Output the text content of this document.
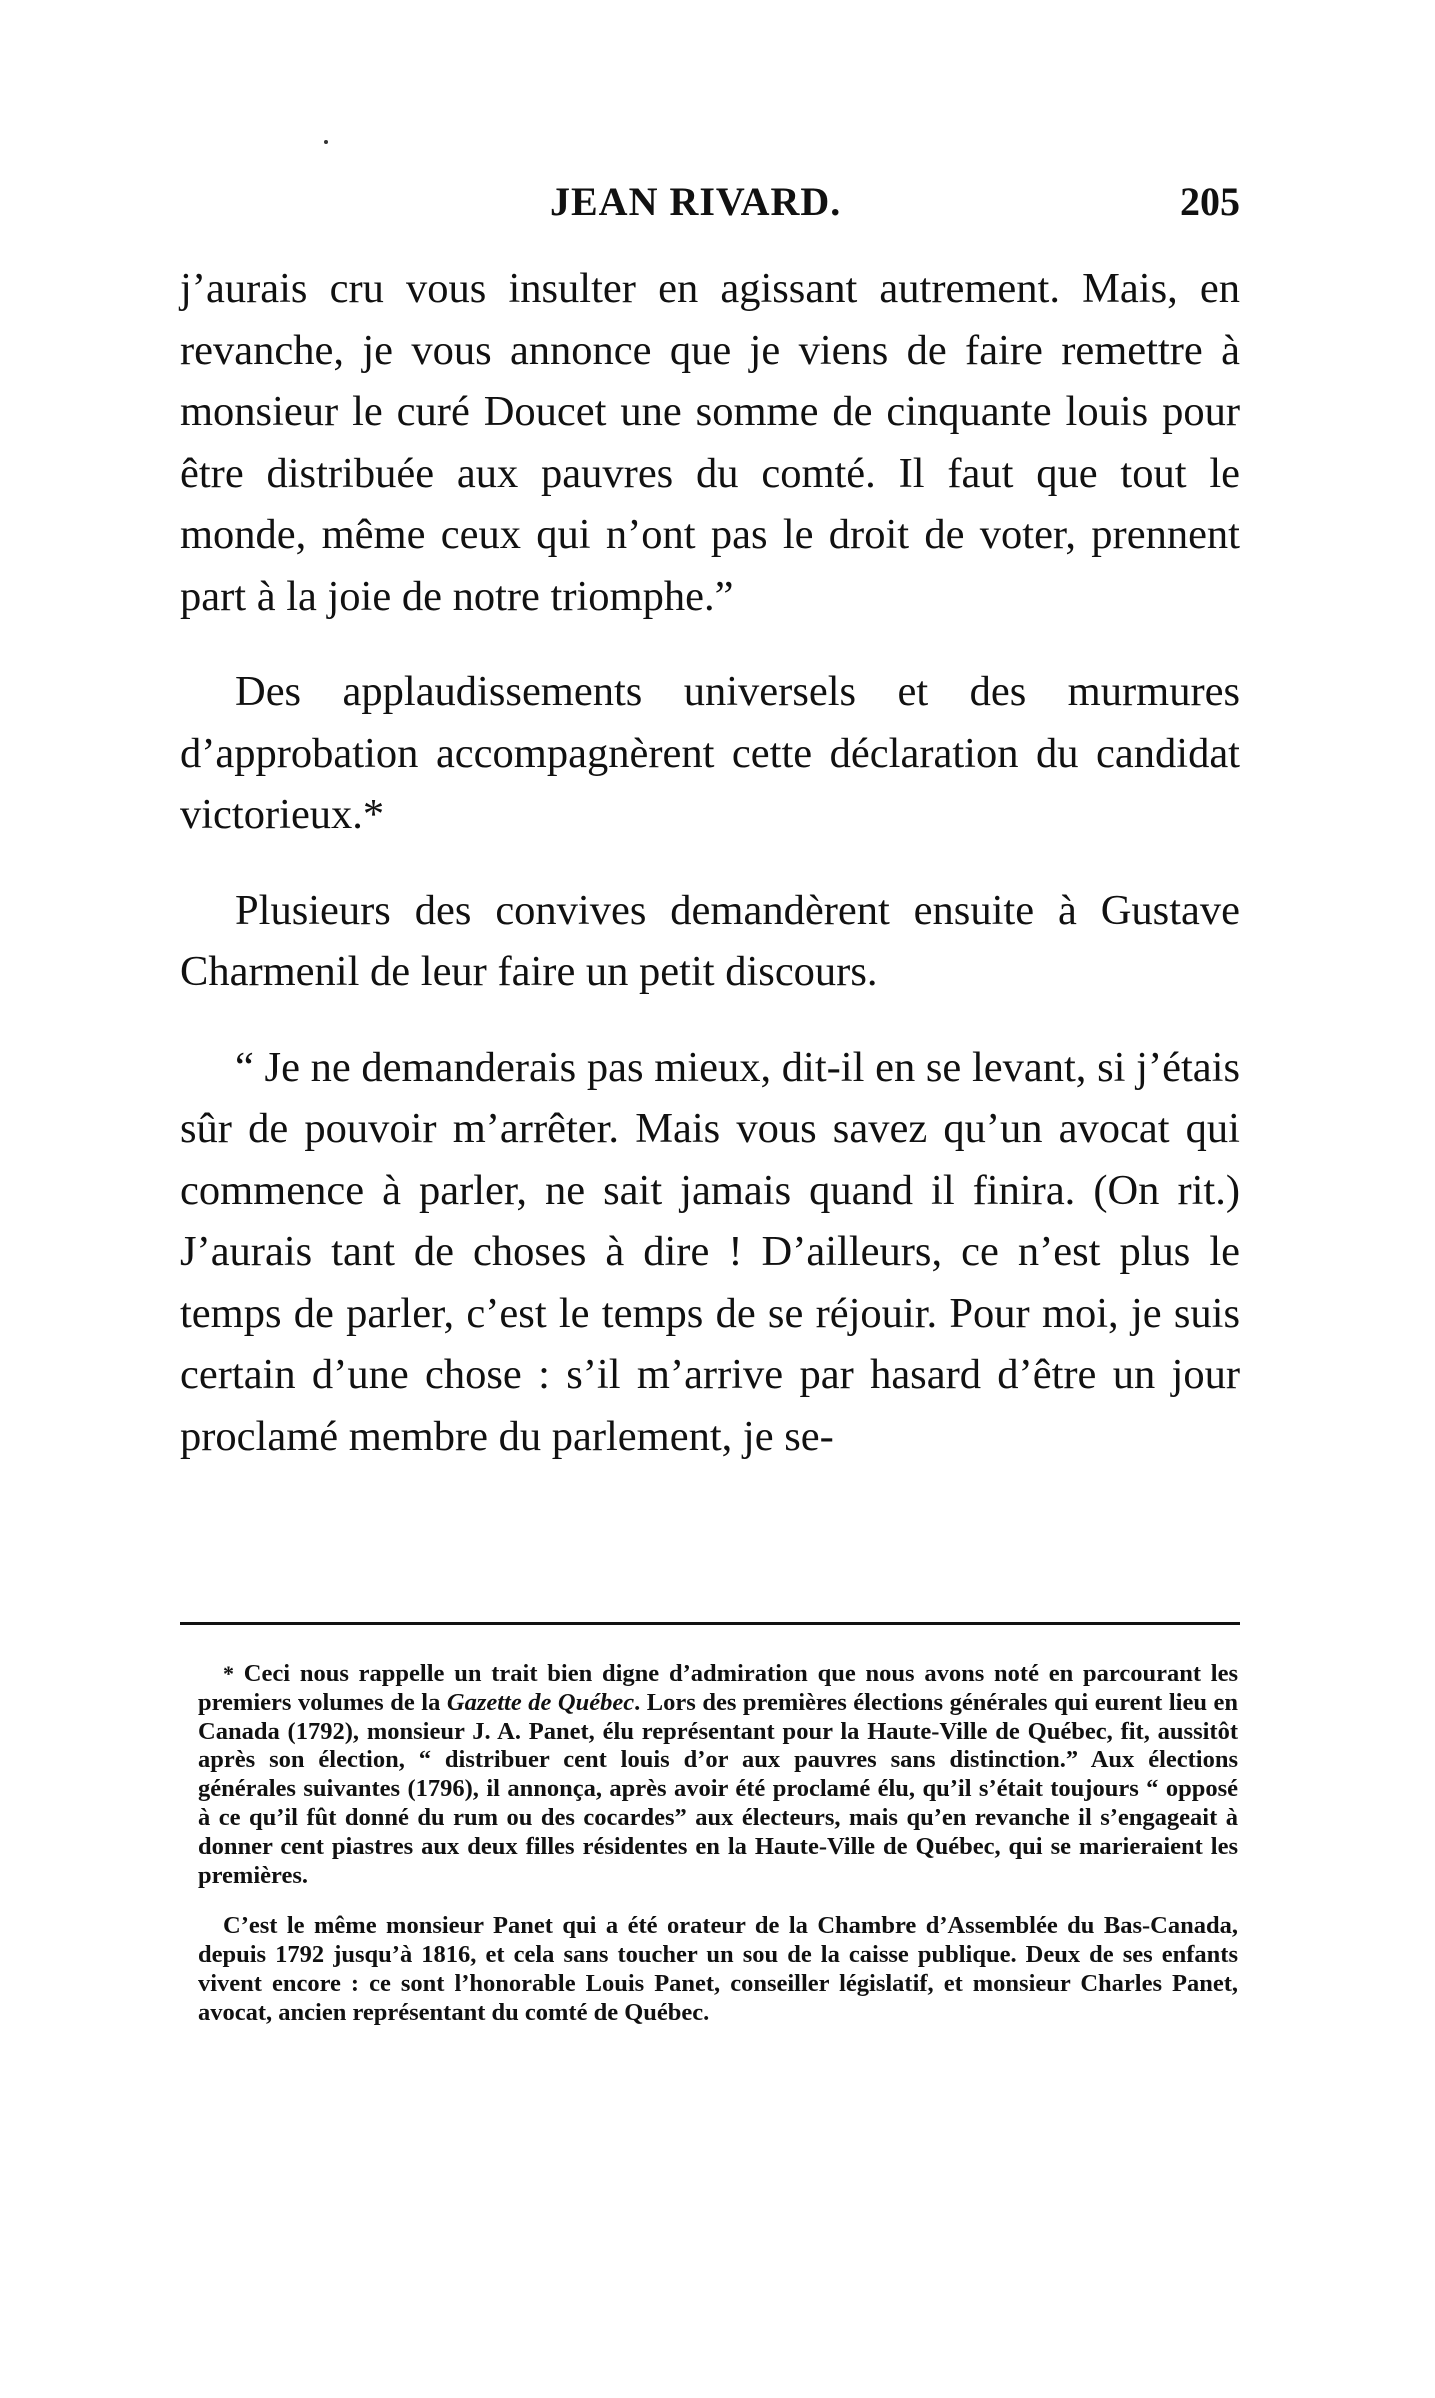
JEAN RIVARD.	205

j’aurais cru vous insulter en agissant autrement. Mais, en revanche, je vous annonce que je viens de faire remettre à monsieur le curé Doucet une somme de cinquante louis pour être distribuée aux pauvres du comté. Il faut que tout le monde, même ceux qui n’ont pas le droit de voter, prennent part à la joie de notre triomphe.”

Des applaudissements universels et des murmures d’approbation accompagnèrent cette déclaration du candidat victorieux.*

Plusieurs des convives demandèrent ensuite à Gustave Charmenil de leur faire un petit discours.

“ Je ne demanderais pas mieux, dit-il en se levant, si j’étais sûr de pouvoir m’arrêter. Mais vous savez qu’un avocat qui commence à parler, ne sait jamais quand il finira. (On rit.) J’aurais tant de choses à dire ! D’ailleurs, ce n’est plus le temps de parler, c’est le temps de se réjouir. Pour moi, je suis certain d’une chose : s’il m’arrive par hasard d’être un jour proclamé membre du parlement, je se-

* Ceci nous rappelle un trait bien digne d’admiration que nous avons noté en parcourant les premiers volumes de la Gazette de Québec. Lors des premières élections générales qui eurent lieu en Canada (1792), monsieur J. A. Panet, élu représentant pour la Haute-Ville de Québec, fit, aussitôt après son élection, “ distribuer cent louis d’or aux pauvres sans distinction.” Aux élections générales suivantes (1796), il annonça, après avoir été proclamé élu, qu’il s’était toujours “ opposé à ce qu’il fût donné du rum ou des cocardes” aux électeurs, mais qu’en revanche il s’engageait à donner cent piastres aux deux filles résidentes en la Haute-Ville de Québec, qui se marieraient les premières.

C’est le même monsieur Panet qui a été orateur de la Chambre d’Assemblée du Bas-Canada, depuis 1792 jusqu’à 1816, et cela sans toucher un sou de la caisse publique. Deux de ses enfants vivent encore : ce sont l’honorable Louis Panet, conseiller législatif, et monsieur Charles Panet, avocat, ancien représentant du comté de Québec.
